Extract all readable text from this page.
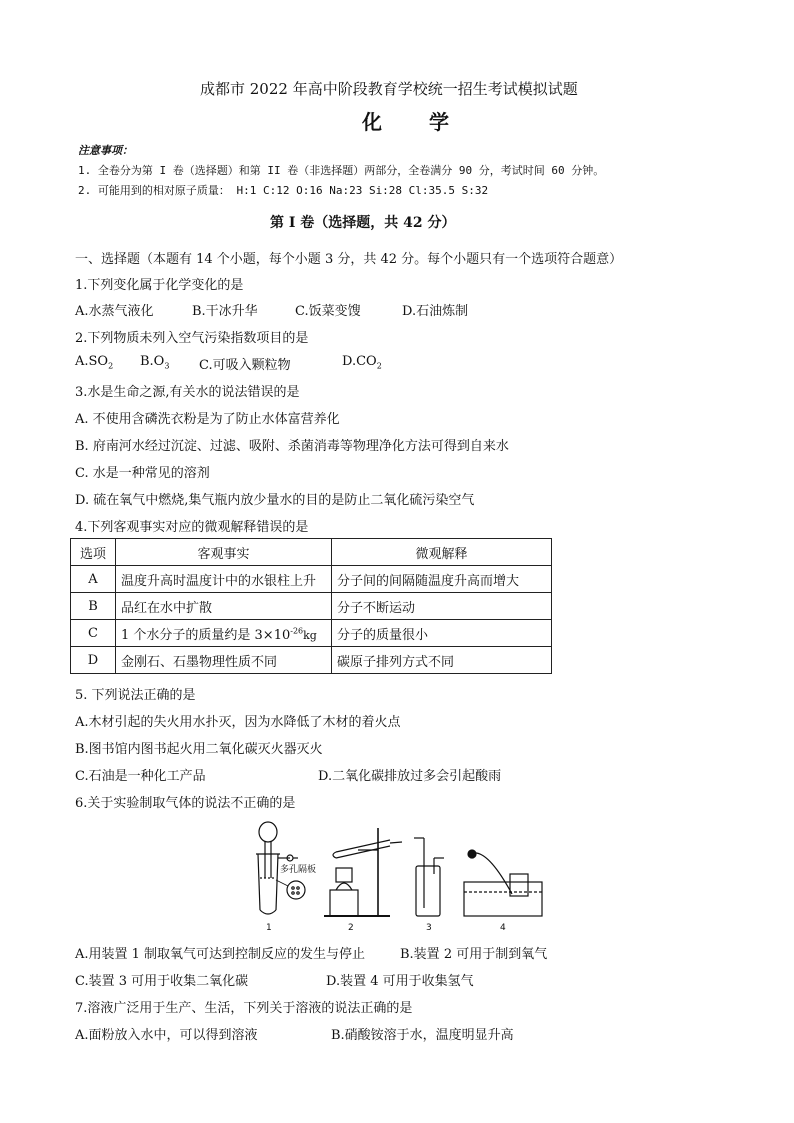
成都市 2022 年高中阶段教育学校统一招生考试模拟试题
化 学
注意事项：
1. 全卷分为第 I 卷（选择题）和第 II 卷（非选择题）两部分，全卷满分 90 分，考试时间 60 分钟。
2. 可能用到的相对原子质量： H:1 C:12 O:16 Na:23 Si:28 Cl:35.5 S:32
第 I 卷（选择题，共 42 分）
一、选择题（本题有 14 个小题，每个小题 3 分，共 42 分。每个小题只有一个选项符合题意）
1.下列变化属于化学变化的是
A.水蒸气液化	B.干冰升华	C.饭菜变馊	D.石油炼制
2.下列物质未列入空气污染指数项目的是
$A.SO_2$ $B.O_3$ C.可吸入颗粒物	$D.CO_2$
3.水是生命之源,有关水的说法错误的是
A. 不使用含磷洗衣粉是为了防止水体富营养化
B. 府南河水经过沉淀、过滤、吸附、杀菌消毒等物理净化方法可得到自来水
C. 水是一种常见的溶剂
D. 硫在氧气中燃烧,集气瓶内放少量水的目的是防止二氧化硫污染空气
4.下列客观事实对应的微观解释错误的是
选项	客观事实	微观解释
A	温度升高时温度计中的水银柱上升	分子间的间隔随温度升高而增大
B	品红在水中扩散	分子不断运动
C	1 个水分子的质量约是 $3\times 10^{-26}kg$	分子的质量很小
D	金刚石、石墨物理性质不同	碳原子排列方式不同
5. 下列说法正确的是
A.木材引起的失火用水扑灭，因为水降低了木材的着火点
B.图书馆内图书起火用二氧化碳灭火器灭火
C.石油是一种化工产品	D.二氧化碳排放过多会引起酸雨
6.关于实验制取气体的说法不正确的是
多孔隔板
1	2	3	4
A.用装置 1 制取氧气可达到控制反应的发生与停止	B.装置 2 可用于制到氧气
C.装置 3 可用于收集二氧化碳	D.装置 4 可用于收集氢气
7.溶液广泛用于生产、生活，下列关于溶液的说法正确的是
A.面粉放入水中，可以得到溶液	B.硝酸铵溶于水，温度明显升高
